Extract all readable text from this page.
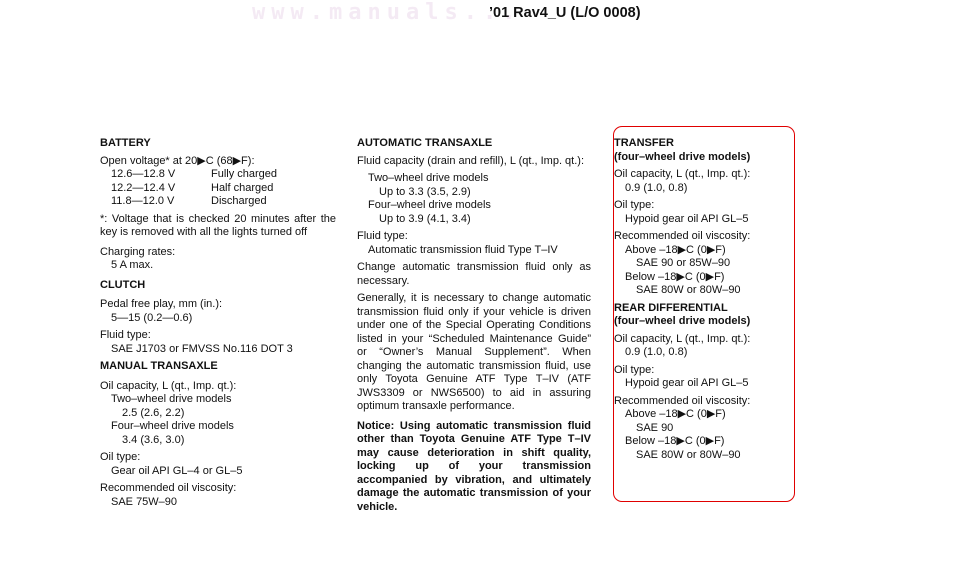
www.manuals...
’01 Rav4_U (L/O 0008)
BATTERY
Open voltage* at 20▶C (68▶F):
12.6—12.8 V	Fully charged
12.2—12.4 V	Half charged
11.8—12.0 V	Discharged
*: Voltage that is checked 20 minutes after the key is removed with all the lights turned off
Charging rates:
5 A max.
CLUTCH
Pedal free play, mm (in.):
5—15 (0.2—0.6)
Fluid type:
SAE J1703 or FMVSS No.116 DOT 3
MANUAL TRANSAXLE
Oil capacity, L (qt., Imp. qt.):
Two–wheel drive models
2.5 (2.6, 2.2)
Four–wheel drive models
3.4 (3.6, 3.0)
Oil type:
Gear oil API GL–4 or GL–5
Recommended oil viscosity:
SAE 75W–90
AUTOMATIC TRANSAXLE
Fluid capacity (drain and refill), L (qt., Imp. qt.):
Two–wheel drive models
Up to 3.3 (3.5, 2.9)
Four–wheel drive models
Up to 3.9 (4.1, 3.4)
Fluid type:
Automatic transmission fluid Type T–IV
Change automatic transmission fluid only as necessary.
Generally, it is necessary to change automatic transmission fluid only if your vehicle is driven under one of the Special Operating Conditions listed in your “Scheduled Maintenance Guide” or “Owner’s Manual Supplement”. When changing the automatic transmission fluid, use only Toyota Genuine ATF Type T–IV (ATF JWS3309 or NWS6500) to aid in assuring optimum transaxle performance.
Notice: Using automatic transmission fluid other than Toyota Genuine ATF Type T–IV may cause deterioration in shift quality, locking up of your transmission accompanied by vibration, and ultimately damage the automatic transmission of your vehicle.
TRANSFER
(four–wheel drive models)
Oil capacity, L (qt., Imp. qt.):
0.9 (1.0, 0.8)
Oil type:
Hypoid gear oil API GL–5
Recommended oil viscosity:
Above –18▶C (0▶F)
SAE 90 or 85W–90
Below –18▶C (0▶F)
SAE 80W or 80W–90
REAR DIFFERENTIAL
(four–wheel drive models)
Oil capacity, L (qt., Imp. qt.):
0.9 (1.0, 0.8)
Oil type:
Hypoid gear oil API GL–5
Recommended oil viscosity:
Above –18▶C (0▶F)
SAE 90
Below –18▶C (0▶F)
SAE 80W or 80W–90
